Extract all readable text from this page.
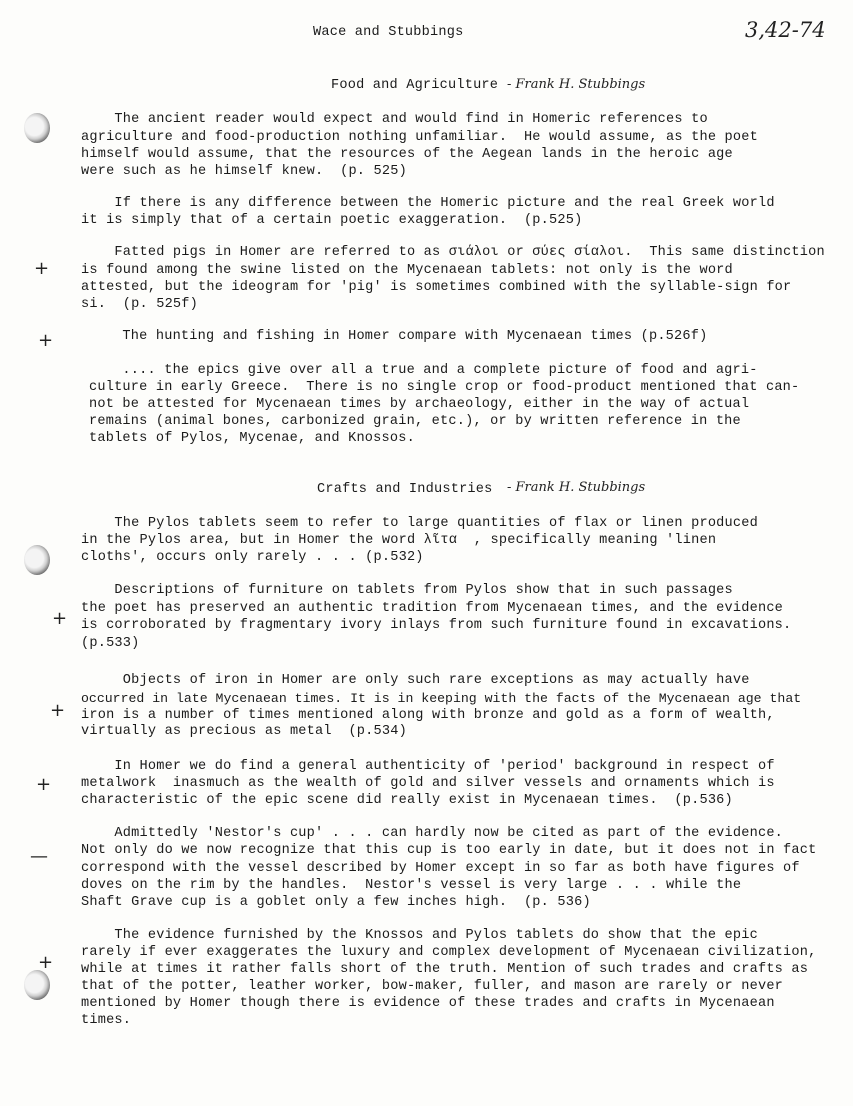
Wace and Stubbings	3,42-74
Food and Agriculture - Frank H. Stubbings
The ancient reader would expect and would find in Homeric references to
agriculture and food-production nothing unfamiliar.  He would assume, as the poet
himself would assume, that the resources of the Aegean lands in the heroic age
were such as he himself knew.  (p. 525)
If there is any difference between the Homeric picture and the real Greek world
it is simply that of a certain poetic exaggeration.  (p.525)
Fatted pigs in Homer are referred to as σιάλοι or σύες σίαλοι.  This same distinction
is found among the swine listed on the Mycenaean tablets: not only is the word
attested, but the ideogram for 'pig' is sometimes combined with the syllable-sign for
si.  (p. 525f)
The hunting and fishing in Homer compare with Mycenaean times (p.526f)
.... the epics give over all a true and a complete picture of food and agri-
culture in early Greece.  There is no single crop or food-product mentioned that can-
not be attested for Mycenaean times by archaeology, either in the way of actual
remains (animal bones, carbonized grain, etc.), or by written reference in the
tablets of Pylos, Mycenae, and Knossos.
Crafts and Industries - Frank H. Stubbings
The Pylos tablets seem to refer to large quantities of flax or linen produced
in the Pylos area, but in Homer the word λῖτα  , specifically meaning 'linen
cloths', occurs only rarely . . . (p.532)
Descriptions of furniture on tablets from Pylos show that in such passages
the poet has preserved an authentic tradition from Mycenaean times, and the evidence
is corroborated by fragmentary ivory inlays from such furniture found in excavations.
(p.533)
Objects of iron in Homer are only such rare exceptions as may actually have
occurred in late Mycenaean times. It is in keeping with the facts of the Mycenaean age that
iron is a number of times mentioned along with bronze and gold as a form of wealth,
virtually as precious as metal  (p.534)
In Homer we do find a general authenticity of 'period' background in respect of
metalwork  inasmuch as the wealth of gold and silver vessels and ornaments which is
characteristic of the epic scene did really exist in Mycenaean times.  (p.536)
Admittedly 'Nestor's cup' . . . can hardly now be cited as part of the evidence.
Not only do we now recognize that this cup is too early in date, but it does not in fact
correspond with the vessel described by Homer except in so far as both have figures of
doves on the rim by the handles.  Nestor's vessel is very large . . . while the
Shaft Grave cup is a goblet only a few inches high.  (p. 536)
The evidence furnished by the Knossos and Pylos tablets do show that the epic
rarely if ever exaggerates the luxury and complex development of Mycenaean civilization,
while at times it rather falls short of the truth. Mention of such trades and crafts as
that of the potter, leather worker, bow-maker, fuller, and mason are rarely or never
mentioned by Homer though there is evidence of these trades and crafts in Mycenaean
times.
+
+
+
+
+
—
+
